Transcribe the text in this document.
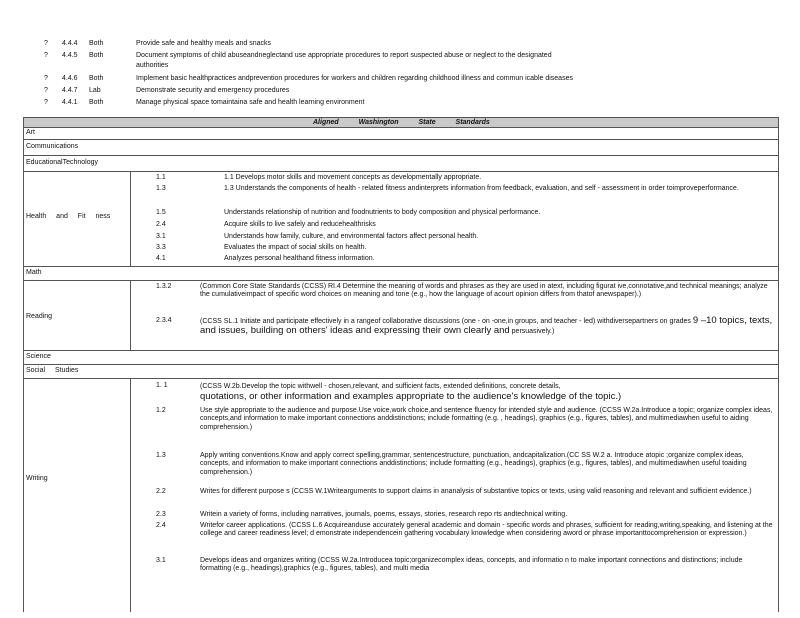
? 4.4.4 Both	Provide safe and healthy meals and snacks
? 4.4.5 Both	Document symptoms of child abuseandneglectand use appropriate procedures to report suspected abuse or neglect to the designated
authorities
? 4.4.6 Both	Implement basic healthpractices andprevention procedures for workers and children regarding childhood illness and commun icable diseases
? 4.4.7 Lab	Demonstrate security and emergency procedures
? 4.4.1 Both	Manage physical space tomaintaina safe and health learning environment
Aligned Washington State Standards
Art
Communications
EducationalTechnology
Health and Fit ness
1.1	1.1 Develops motor skills and movement concepts as developmentally appropriate.
1.3	1.3 Understands the components of health - related fitness andinterprets information from feedback, evaluation, and self - assessment in order toimproveperformance.
1.5	Understands relationship of nutrition and foodnutrients to body composition and physical performance.
2.4	Acquire skills to live safely and reducehealthrisks
3.1	Understands how family, culture, and environmental factors affect personal health.
3.3	Evaluates the impact of social skills on health.
4.1	Analyzes personal healthand fitness information.
Math
Reading
1.3.2	(Common Core State Standards (CCSS) RI.4 Determine the meaning of words and phrases as they are used in atext, including figurat ive,connotative,and technical meanings; analyze the cumulativeimpact of specific word choices on meaning and tone (e.g., how the language of acourt opinion differs from thatof anewspaper).)
2.3.4	(CCSS SL.1 Initiate and participate effectively in a rangeof collaborative discussions (one - on -one,in groups, and teacher - led) withdiversepartners on grades 9 –10 topics, texts, and issues, building on others' ideas and expressing their own clearly and persuasively.)
Science
Social Studies
Writing
1. 1	(CCSS W.2b.Develop the topic withwell - chosen,relevant, and sufficient facts, extended definitions, concrete details,
quotations, or other information and examples appropriate to the audience's knowledge of the topic.)
1.2	Use style appropriate to the audience and purpose.Use voice,work choice,and sentence fluency for intended style and audience. (CCSS W.2a.Introduce a topic; organize complex ideas, concepts,and information to make important connections anddistinctions; include formatting (e.g. , headings), graphics (e.g., figures, tables), and multimediawhen useful to aiding comprehension.)
1.3	Apply writing conventions.Know and apply correct spelling,grammar, sentencestructure, punctuation, andcapitalization.(CC SS W.2 a. Introduce atopic ;organize complex ideas, concepts, and information to make important connections anddistinctions; include formatting (e.g., headings), graphics (e.g., figures, tables), and multimediawhen useful toaiding comprehension.)
2.2	Writes for different purpose s (CCSS W.1Writearguments to support claims in ananalysis of substantive topics or texts, using valid reasoning and relevant and sufficient evidence.)
2.3	Writein a variety of forms, including narratives, journals, poems, essays, stories, research repo rts andtechnical writing.
2.4	Writefor career applications. (CCSS L.6 Acquireanduse accurately general academic and domain - specific words and phrases, sufficient for reading,writing,speaking, and listening at the college and career readiness level; d emonstrate independencein gathering vocabulary knowledge when considering aword or phrase importanttocomprehension or expression.)
3.1	Develops ideas and organizes writing (CCSS W.2a.Introducea topic;organizecomplex ideas, concepts, and informatio n to make important connections and distinctions; include formatting (e.g., headings),graphics (e.g., figures, tables), and multi media
